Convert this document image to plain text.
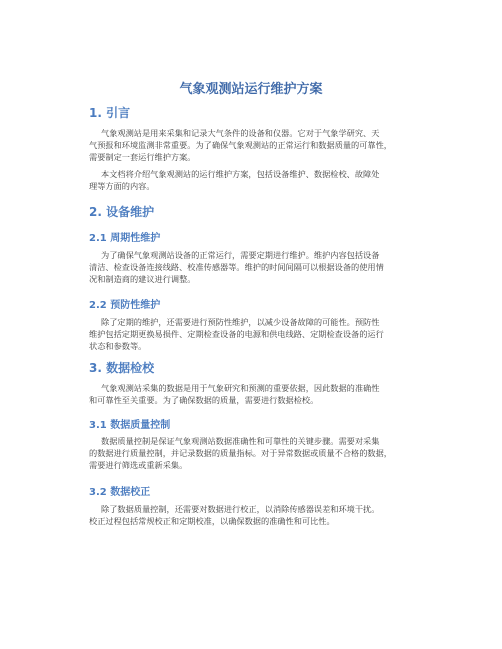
气象观测站运行维护方案
1. 引言
气象观测站是用来采集和记录大气条件的设备和仪器。它对于气象学研究、天
气预报和环境监测非常重要。为了确保气象观测站的正常运行和数据质量的可靠性，
需要制定一套运行维护方案。
本文档将介绍气象观测站的运行维护方案，包括设备维护、数据检校、故障处
理等方面的内容。
2. 设备维护
2.1 周期性维护
为了确保气象观测站设备的正常运行，需要定期进行维护。维护内容包括设备
清洁、检查设备连接线路、校准传感器等。维护的时间间隔可以根据设备的使用情
况和制造商的建议进行调整。
2.2 预防性维护
除了定期的维护，还需要进行预防性维护，以减少设备故障的可能性。预防性
维护包括定期更换易损件、定期检查设备的电源和供电线路、定期检查设备的运行
状态和参数等。
3. 数据检校
气象观测站采集的数据是用于气象研究和预测的重要依据，因此数据的准确性
和可靠性至关重要。为了确保数据的质量，需要进行数据检校。
3.1 数据质量控制
数据质量控制是保证气象观测站数据准确性和可靠性的关键步骤。需要对采集
的数据进行质量控制，并记录数据的质量指标。对于异常数据或质量不合格的数据，
需要进行筛选或重新采集。
3.2 数据校正
除了数据质量控制，还需要对数据进行校正，以消除传感器误差和环境干扰。
校正过程包括常规校正和定期校准，以确保数据的准确性和可比性。
